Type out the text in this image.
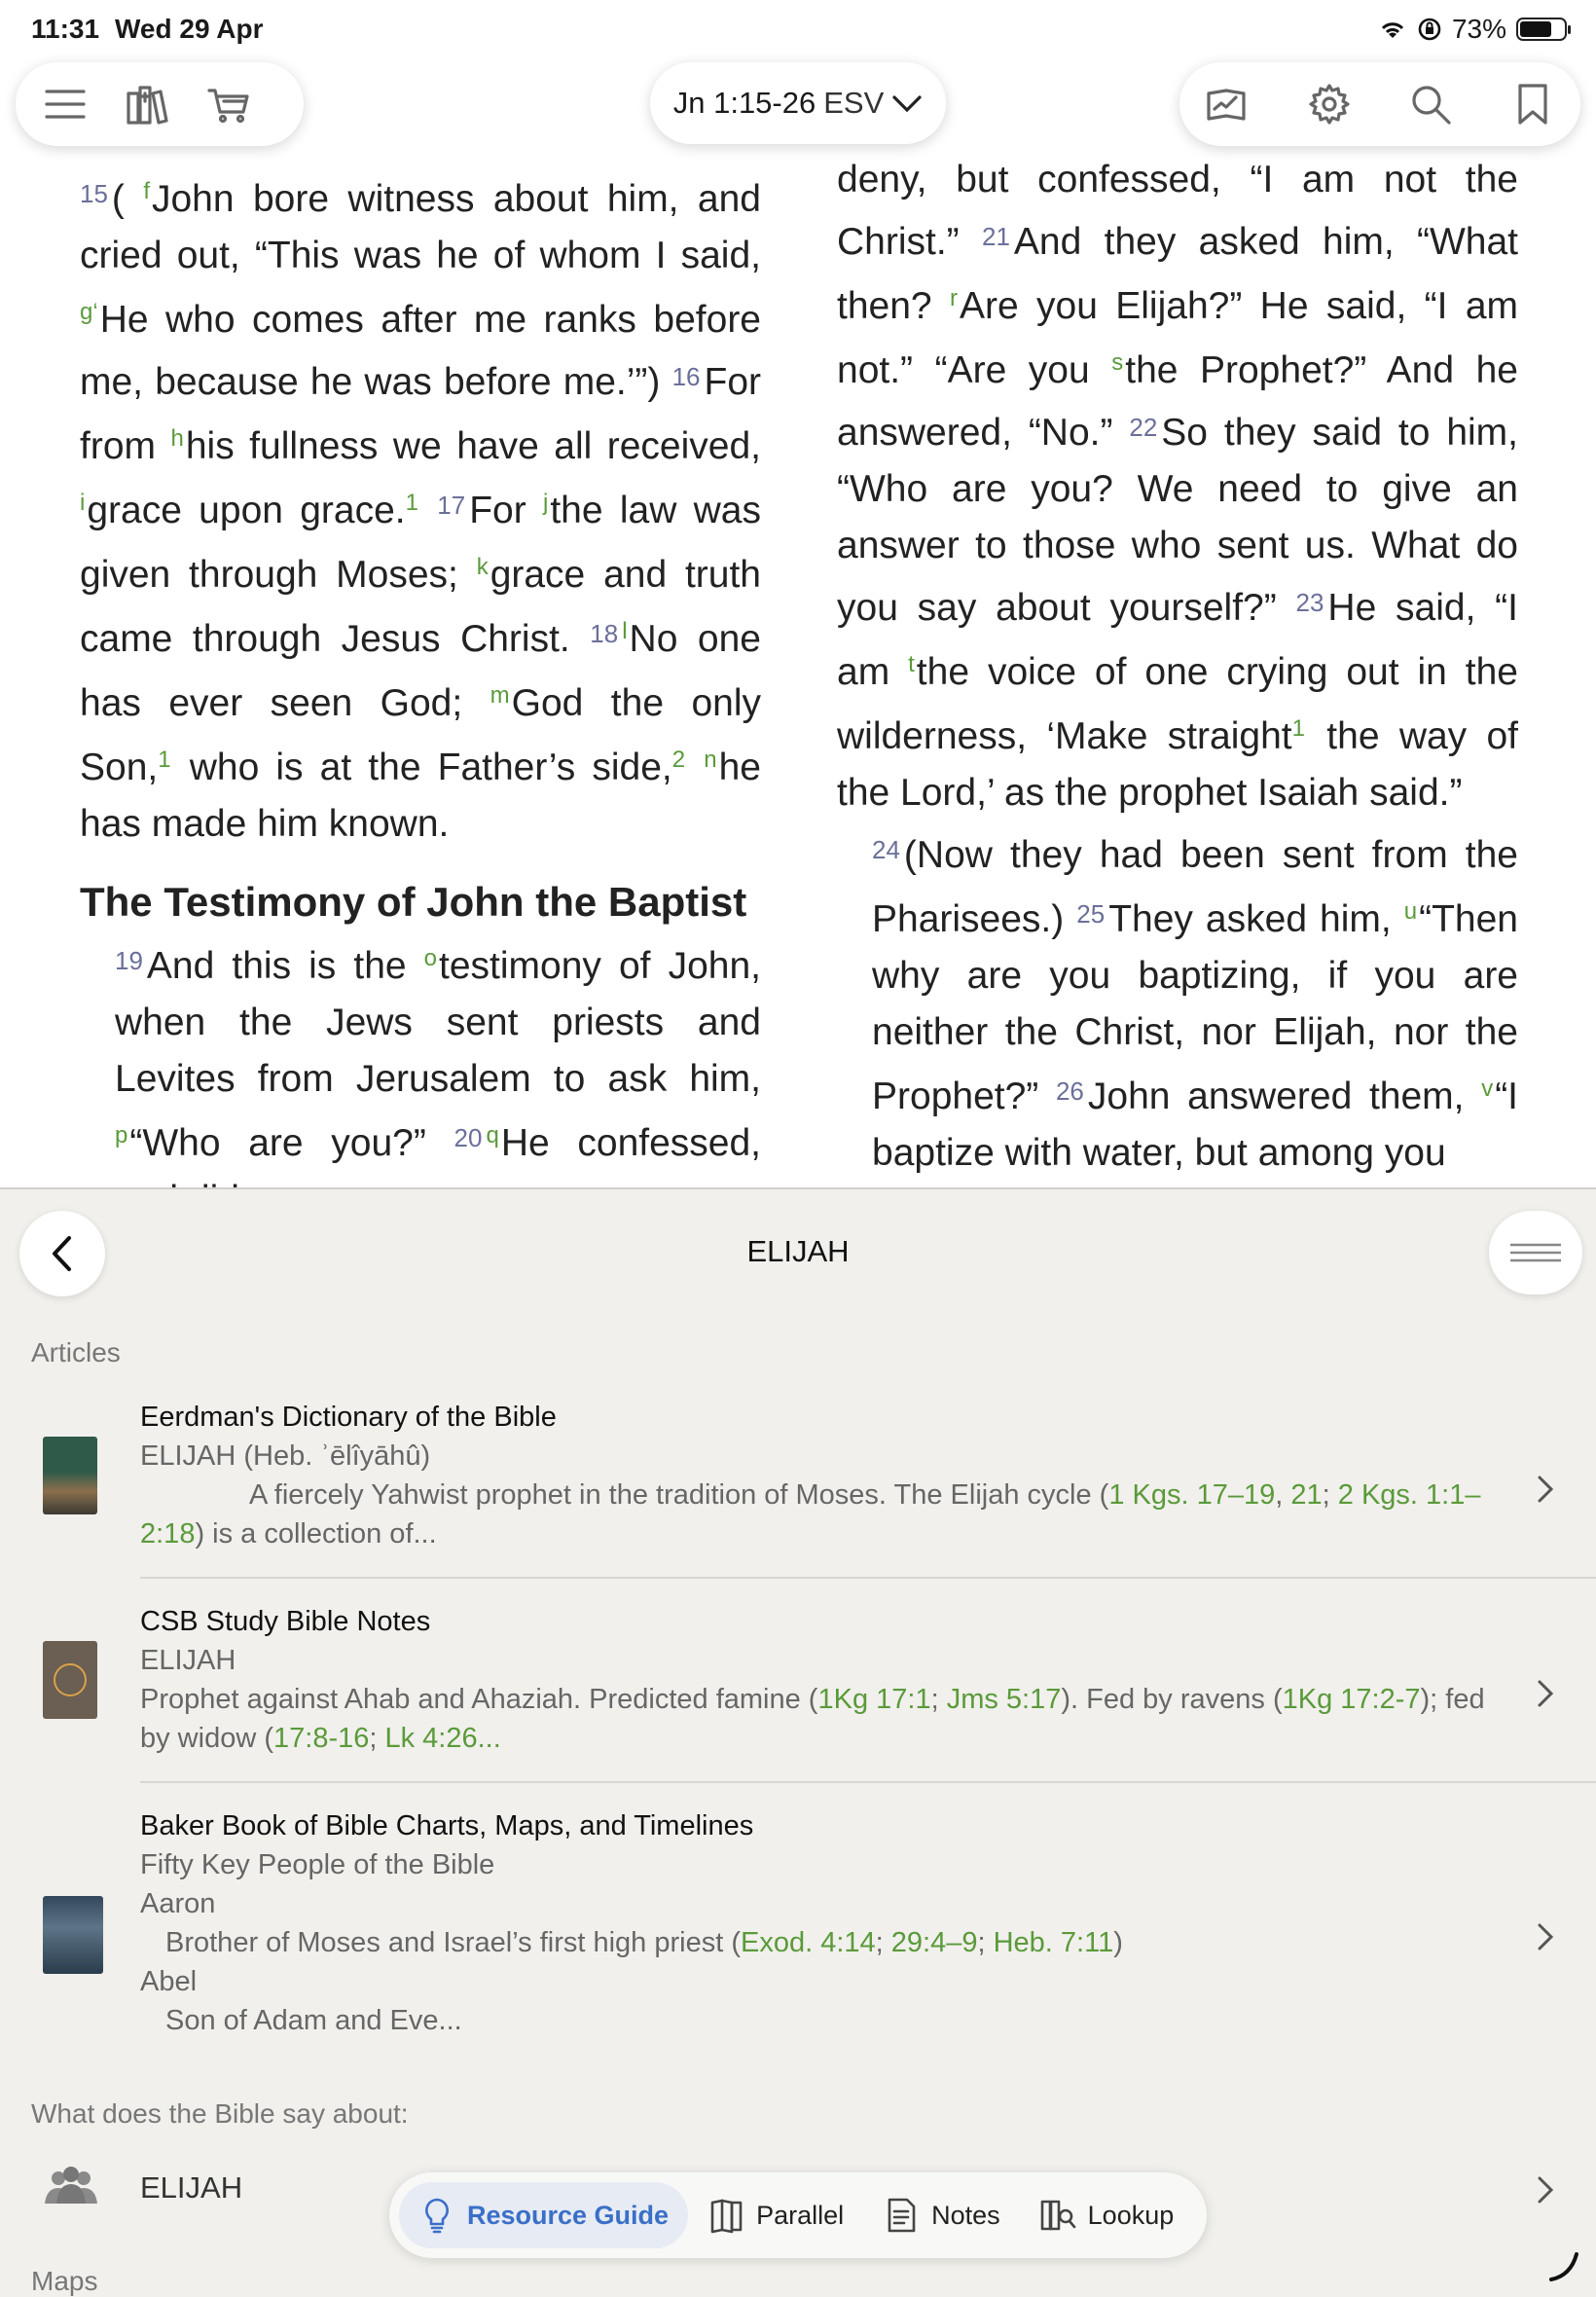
11:31 Wed 29 Apr	73%
Jn 1:15-26 ESV

$^{15}$ ( $^f$John bore witness about him, and cried out, “This was he of whom I said, $^{g‘}$He who comes after me ranks before me, because he was before me.’”) $^{16}$ For from $^h$his fullness we have all received, $^i$grace upon grace.$^1$ $^{17}$ For $^j$the law was given through Moses; $^k$grace and truth came through Jesus Christ. $^{18}$ $^l$No one has ever seen God; $^m$God the only Son,$^1$ who is at the Father’s side,$^2$ $^n$he has made him known.

The Testimony of John the Baptist

$^{19}$ And this is the $^o$testimony of John, when the Jews sent priests and Levites from Jerusalem to ask him, $^p$“Who are you?” $^{20}$ $^q$He confessed,

deny, but confessed, “I am not the Christ.” $^{21}$ And they asked him, “What then? $^r$Are you Elijah?” He said, “I am not.” “Are you $^s$the Prophet?” And he answered, “No.” $^{22}$ So they said to him, “Who are you? We need to give an answer to those who sent us. What do you say about yourself?” $^{23}$ He said, “I am $^t$the voice of one crying out in the wilderness, ‘Make straight$^1$ the way of the Lord,’ as the prophet Isaiah said.”

$^{24}$ (Now they had been sent from the Pharisees.) $^{25}$ They asked him, $^u$“Then why are you baptizing, if you are neither the Christ, nor Elijah, nor the Prophet?” $^{26}$ John answered them, $^v$“I baptize with water, but among you

ELIJAH
Articles
Eerdman's Dictionary of the Bible
ELIJAH (Heb. ʾēlîyāhû)
A fiercely Yahwist prophet in the tradition of Moses. The Elijah cycle (1 Kgs. 17–19, 21; 2 Kgs. 1:1–2:18) is a collection of...
CSB Study Bible Notes
ELIJAH
Prophet against Ahab and Ahaziah. Predicted famine (1Kg 17:1; Jms 5:17). Fed by ravens (1Kg 17:2-7); fed by widow (17:8-16; Lk 4:26...
Baker Book of Bible Charts, Maps, and Timelines
Fifty Key People of the Bible
Aaron
Brother of Moses and Israel’s first high priest (Exod. 4:14; 29:4–9; Heb. 7:11)
Abel
Son of Adam and Eve...
What does the Bible say about:
ELIJAH
Maps
Resource Guide	Parallel	Notes	Lookup
